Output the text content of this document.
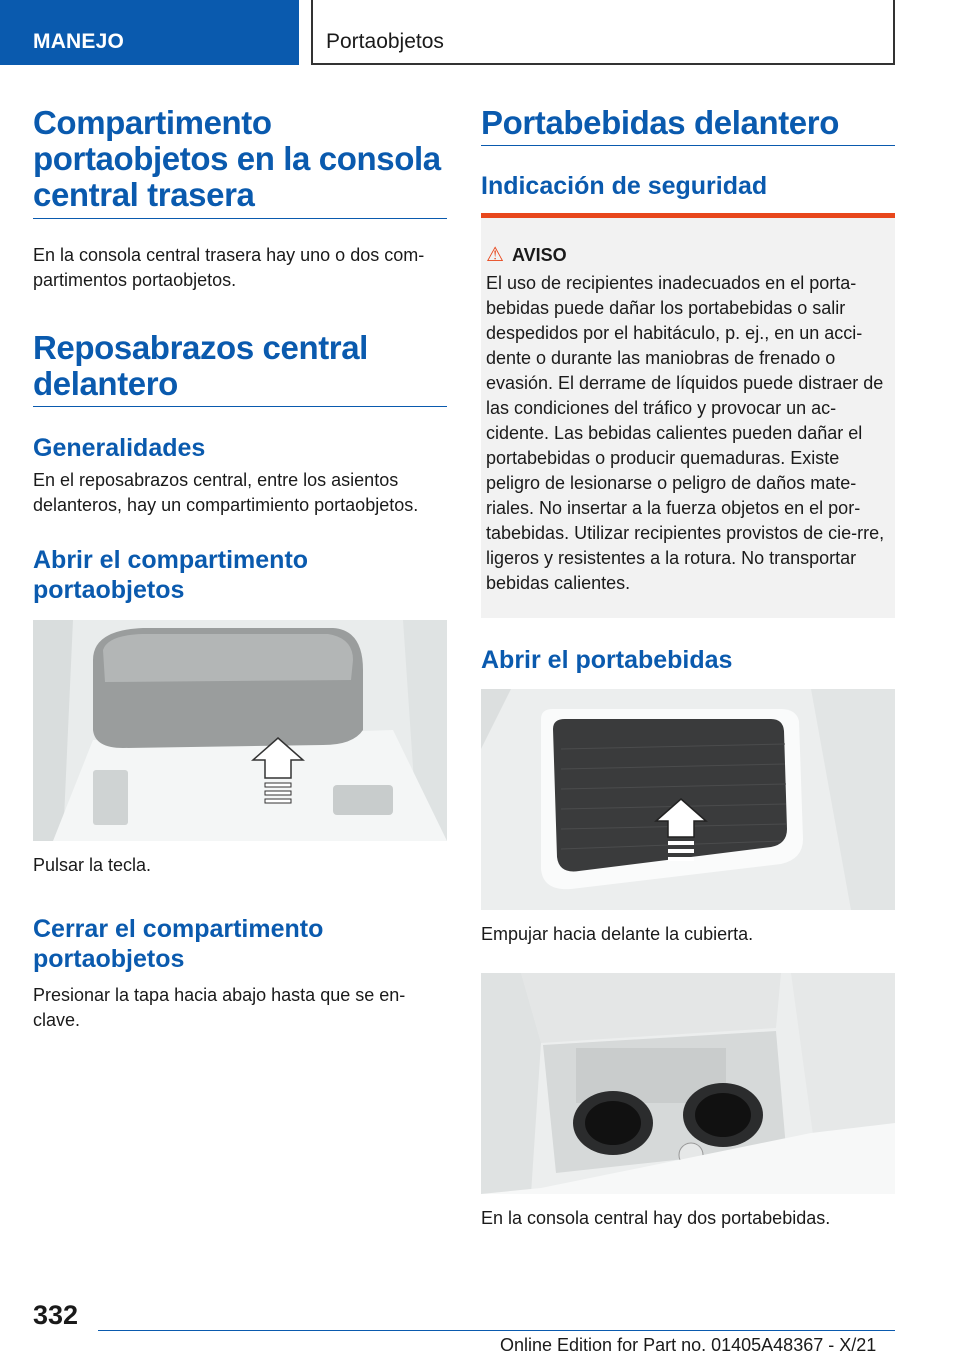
MANEJO	Portaobjetos
Compartimento portaobjetos en la consola central trasera

En la consola central trasera hay uno o dos com-partimentos portaobjetos.

Reposabrazos central delantero
Generalidades

En el reposabrazos central, entre los asientos delanteros, hay un compartimiento portaobjetos.

Abrir el compartimento portaobjetos

Pulsar la tecla.

Cerrar el compartimento portaobjetos

Presionar la tapa hacia abajo hasta que se en-clave.

Portabebidas delantero
Indicación de seguridad
⚠ AVISO

El uso de recipientes inadecuados en el porta-bebidas puede dañar los portabebidas o salir despedidos por el habitáculo, p. ej., en un acci-dente o durante las maniobras de frenado o evasión. El derrame de líquidos puede distraer de las condiciones del tráfico y provocar un ac-cidente. Las bebidas calientes pueden dañar el portabebidas o producir quemaduras. Existe peligro de lesionarse o peligro de daños mate-riales. No insertar a la fuerza objetos en el por-tabebidas. Utilizar recipientes provistos de cie-rre, ligeros y resistentes a la rotura. No transportar bebidas calientes.

Abrir el portabebidas

Empujar hacia delante la cubierta.

En la consola central hay dos portabebidas.

332
Online Edition for Part no. 01405A48367 - X/21
